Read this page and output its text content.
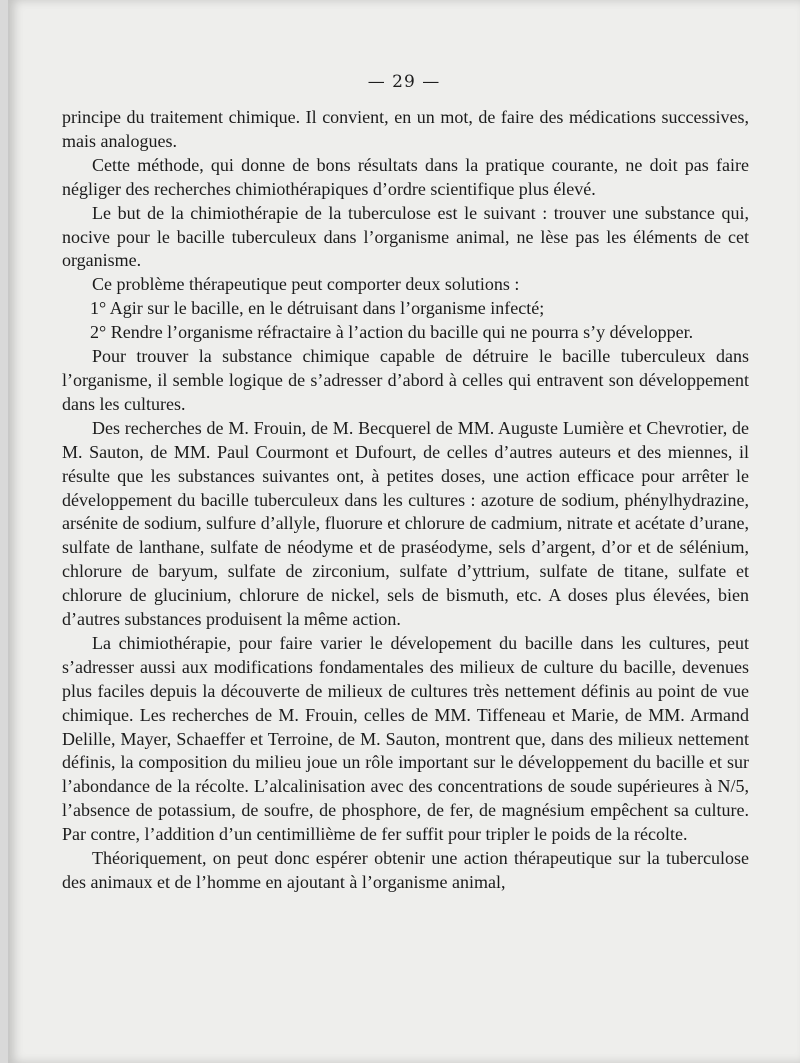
— 29 —

principe du traitement chimique. Il convient, en un mot, de faire des médications successives, mais analogues.

Cette méthode, qui donne de bons résultats dans la pratique courante, ne doit pas faire négliger des recherches chimiothérapiques d’ordre scientifique plus élevé.

Le but de la chimiothérapie de la tuberculose est le suivant : trouver une substance qui, nocive pour le bacille tuberculeux dans l’organisme animal, ne lèse pas les éléments de cet organisme.

Ce problème thérapeutique peut comporter deux solutions :

1° Agir sur le bacille, en le détruisant dans l’organisme infecté;

2° Rendre l’organisme réfractaire à l’action du bacille qui ne pourra s’y développer.

Pour trouver la substance chimique capable de détruire le bacille tuberculeux dans l’organisme, il semble logique de s’adresser d’abord à celles qui entravent son développement dans les cultures.

Des recherches de M. Frouin, de M. Becquerel de MM. Auguste Lumière et Chevrotier, de M. Sauton, de MM. Paul Courmont et Dufourt, de celles d’autres auteurs et des miennes, il résulte que les substances suivantes ont, à petites doses, une action efficace pour arrêter le développement du bacille tuberculeux dans les cultures : azoture de sodium, phénylhydrazine, arsénite de sodium, sulfure d’allyle, fluorure et chlorure de cadmium, nitrate et acétate d’urane, sulfate de lanthane, sulfate de néodyme et de praséodyme, sels d’argent, d’or et de sélénium, chlorure de baryum, sulfate de zirconium, sulfate d’yttrium, sulfate de titane, sulfate et chlorure de glucinium, chlorure de nickel, sels de bismuth, etc. A doses plus élevées, bien d’autres substances produisent la même action.

La chimiothérapie, pour faire varier le dévelopement du bacille dans les cultures, peut s’adresser aussi aux modifications fondamentales des milieux de culture du bacille, devenues plus faciles depuis la découverte de milieux de cultures très nettement définis au point de vue chimique. Les recherches de M. Frouin, celles de MM. Tiffeneau et Marie, de MM. Armand Delille, Mayer, Schaeffer et Terroine, de M. Sauton, montrent que, dans des milieux nettement définis, la composition du milieu joue un rôle important sur le développement du bacille et sur l’abondance de la récolte. L’alcalinisation avec des concentrations de soude supérieures à N/5, l’absence de potassium, de soufre, de phosphore, de fer, de magnésium empêchent sa culture. Par contre, l’addition d’un centimillième de fer suffit pour tripler le poids de la récolte.

Théoriquement, on peut donc espérer obtenir une action thérapeutique sur la tuberculose des animaux et de l’homme en ajoutant à l’organisme animal,
